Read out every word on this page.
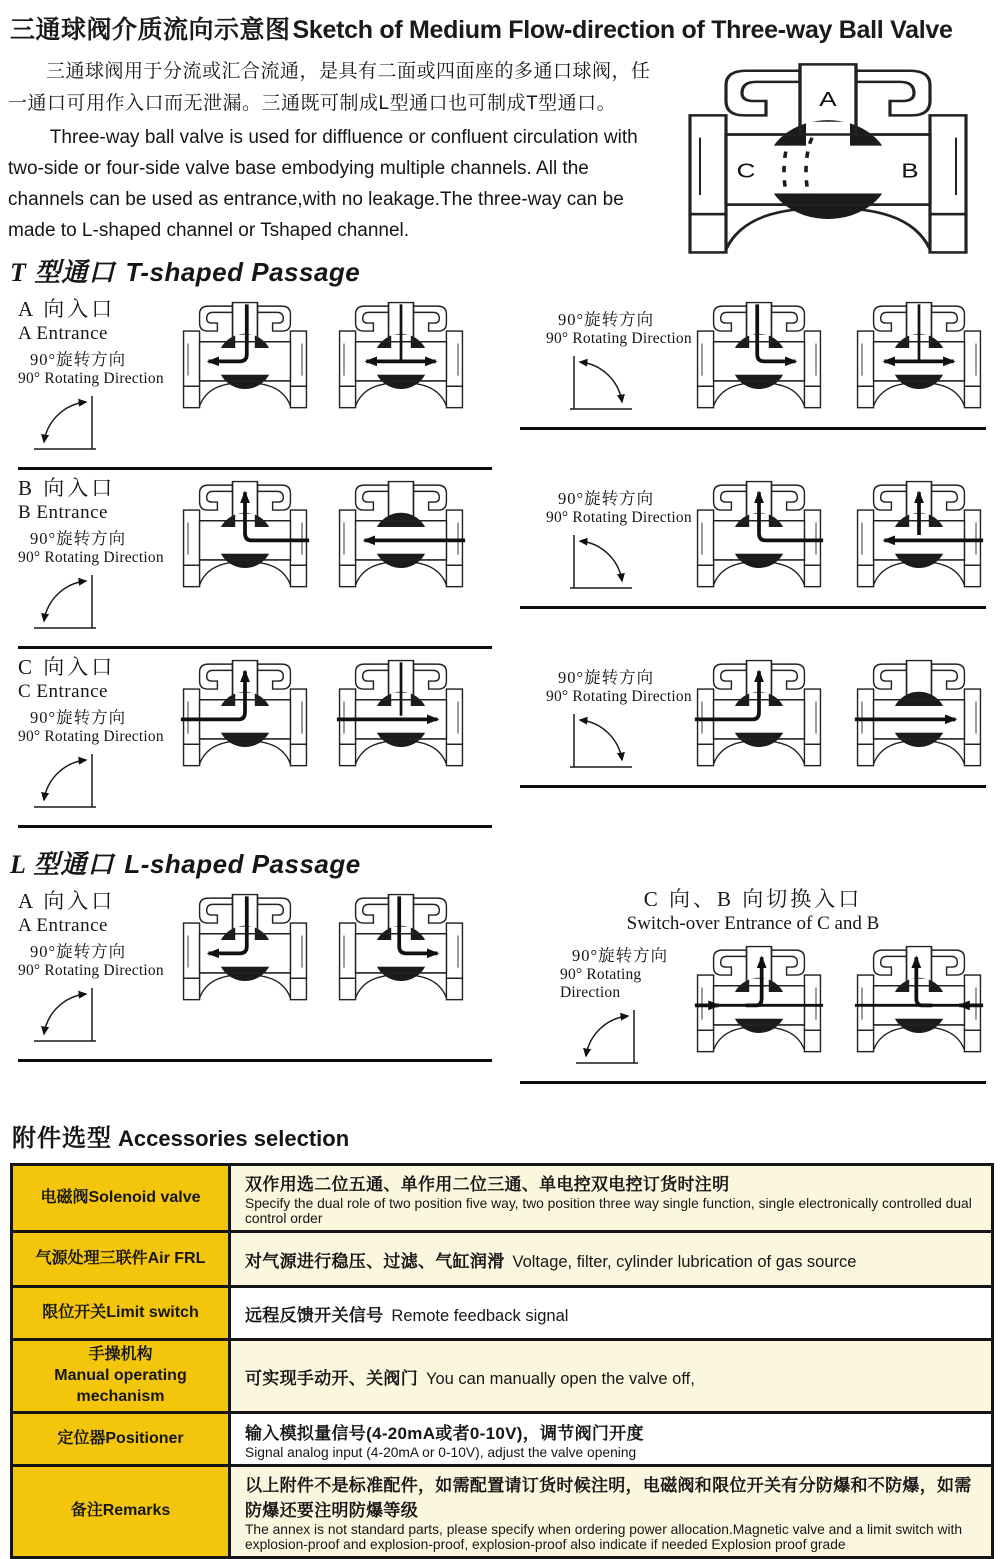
三通球阀介质流向示意图Sketch of Medium Flow-direction of Three-way Ball Valve

三通球阀用于分流或汇合流通，是具有二面或四面座的多通口球阀，任一通口可用作入口而无泄漏。三通既可制成L型通口也可制成T型通口。

Three-way ball valve is used for diffluence or confluent circulation with two-side or four-side valve base embodying multiple channels. All the channels can be used as entrance,with no leakage.The three-way can be made to L-shaped channel or Tshaped channel.

A
C	B
T 型通口 T-shaped Passage
A 向入口
A Entrance
90°旋转方向
90° Rotating Direction
90°旋转方向
90° Rotating Direction
B 向入口
B Entrance
90°旋转方向
90° Rotating Direction
90°旋转方向
90° Rotating Direction
C 向入口
C Entrance
90°旋转方向
90° Rotating Direction
90°旋转方向
90° Rotating Direction
L 型通口 L-shaped Passage
A 向入口
A Entrance
90°旋转方向
90° Rotating Direction
C 向、B 向切换入口
Switch-over Entrance of C and B
90°旋转方向
90° Rotating Direction
附件选型 Accessories selection
电磁阀Solenoid valve	双作用选二位五通、单作用二位三通、单电控双电控订货时注明
Specify the dual role of two position five way, two position three way single function, single electronically controlled dual control order

气源处理三联件Air FRL	对气源进行稳压、过滤、气缸润滑 Voltage, filter, cylinder lubrication of gas source

限位开关Limit switch	远程反馈开关信号 Remote feedback signal

手操机构
Manual operating
mechanism	可实现手动开、关阀门 You can manually open the valve off,

定位器Positioner	输入模拟量信号(4-20mA或者0-10V)，调节阀门开度
Signal analog input (4-20mA or 0-10V), adjust the valve opening

备注Remarks	以上附件不是标准配件，如需配置请订货时候注明，电磁阀和限位开关有分防爆和不防爆，如需防爆还要注明防爆等级
The annex is not standard parts, please specify when ordering power allocation.Magnetic valve and a limit switch with explosion-proof and explosion-proof, explosion-proof also indicate if needed Explosion proof grade
